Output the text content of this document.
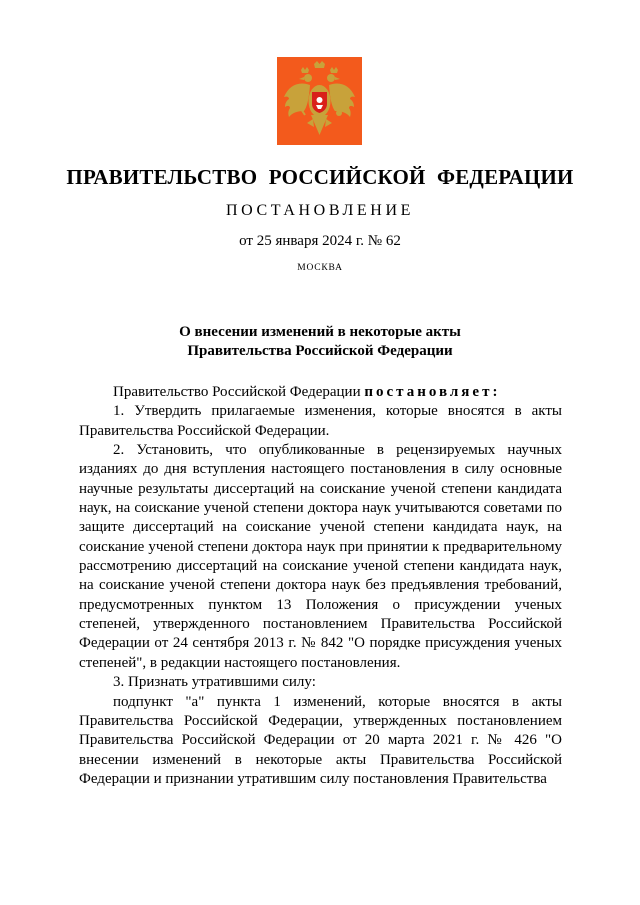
ПРАВИТЕЛЬСТВО РОССИЙСКОЙ ФЕДЕРАЦИИ
ПОСТАНОВЛЕНИЕ
от 25 января 2024 г. № 62
МОСКВА
О внесении изменений в некоторые акты
Правительства Российской Федерации

Правительство Российской Федерации постановляет:

1. Утвердить прилагаемые изменения, которые вносятся в акты Правительства Российской Федерации.

2. Установить, что опубликованные в рецензируемых научных изданиях до дня вступления настоящего постановления в силу основные научные результаты диссертаций на соискание ученой степени кандидата наук, на соискание ученой степени доктора наук учитываются советами по защите диссертаций на соискание ученой степени кандидата наук, на соискание ученой степени доктора наук при принятии к предварительному рассмотрению диссертаций на соискание ученой степени кандидата наук, на соискание ученой степени доктора наук без предъявления требований, предусмотренных пунктом 13 Положения о присуждении ученых степеней, утвержденного постановлением Правительства Российской Федерации от 24 сентября 2013 г. № 842 "О порядке присуждения ученых степеней", в редакции настоящего постановления.

3. Признать утратившими силу:

подпункт "а" пункта 1 изменений, которые вносятся в акты Правительства Российской Федерации, утвержденных постановлением Правительства Российской Федерации от 20 марта 2021 г. № 426 "О внесении изменений в некоторые акты Правительства Российской Федерации и признании утратившим силу постановления Правительства
